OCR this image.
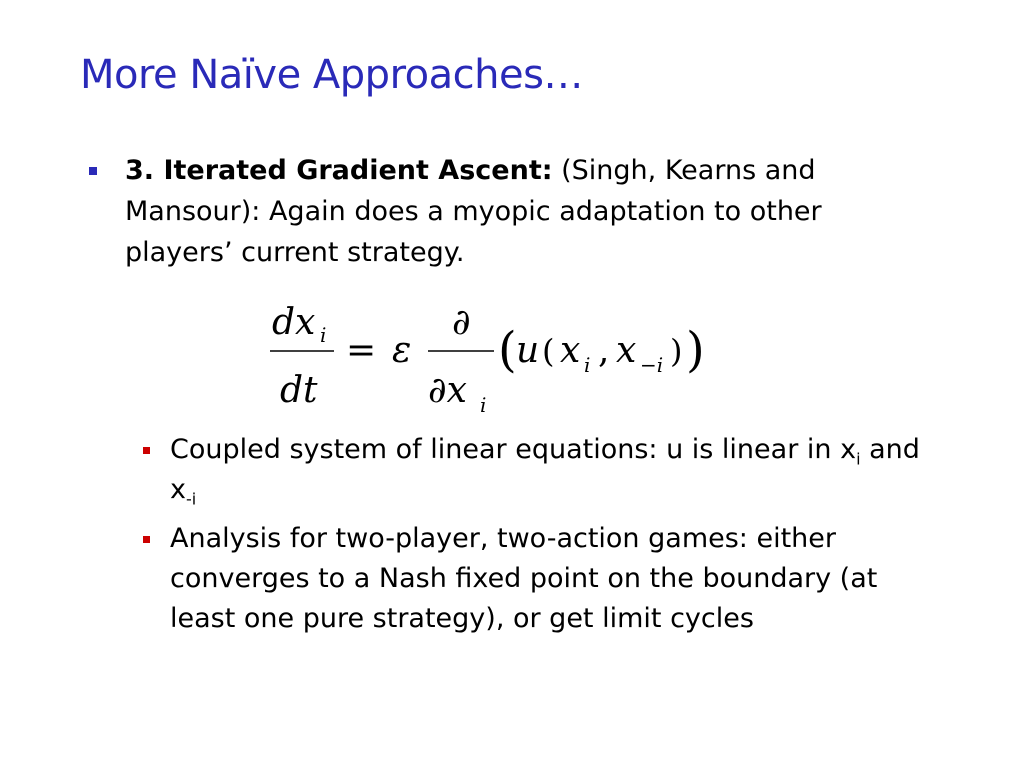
More Naïve Approaches…
3. Iterated Gradient Ascent: (Singh, Kearns and Mansour): Again does a myopic adaptation to other players’ current strategy.
dx i
dt
= ε
∂
∂x i
( u ( x i , x −i ) )
Coupled system of linear equations: u is linear in $x_i$ and $x_{-i}$
Analysis for two-player, two-action games: either converges to a Nash fixed point on the boundary (at least one pure strategy), or get limit cycles
